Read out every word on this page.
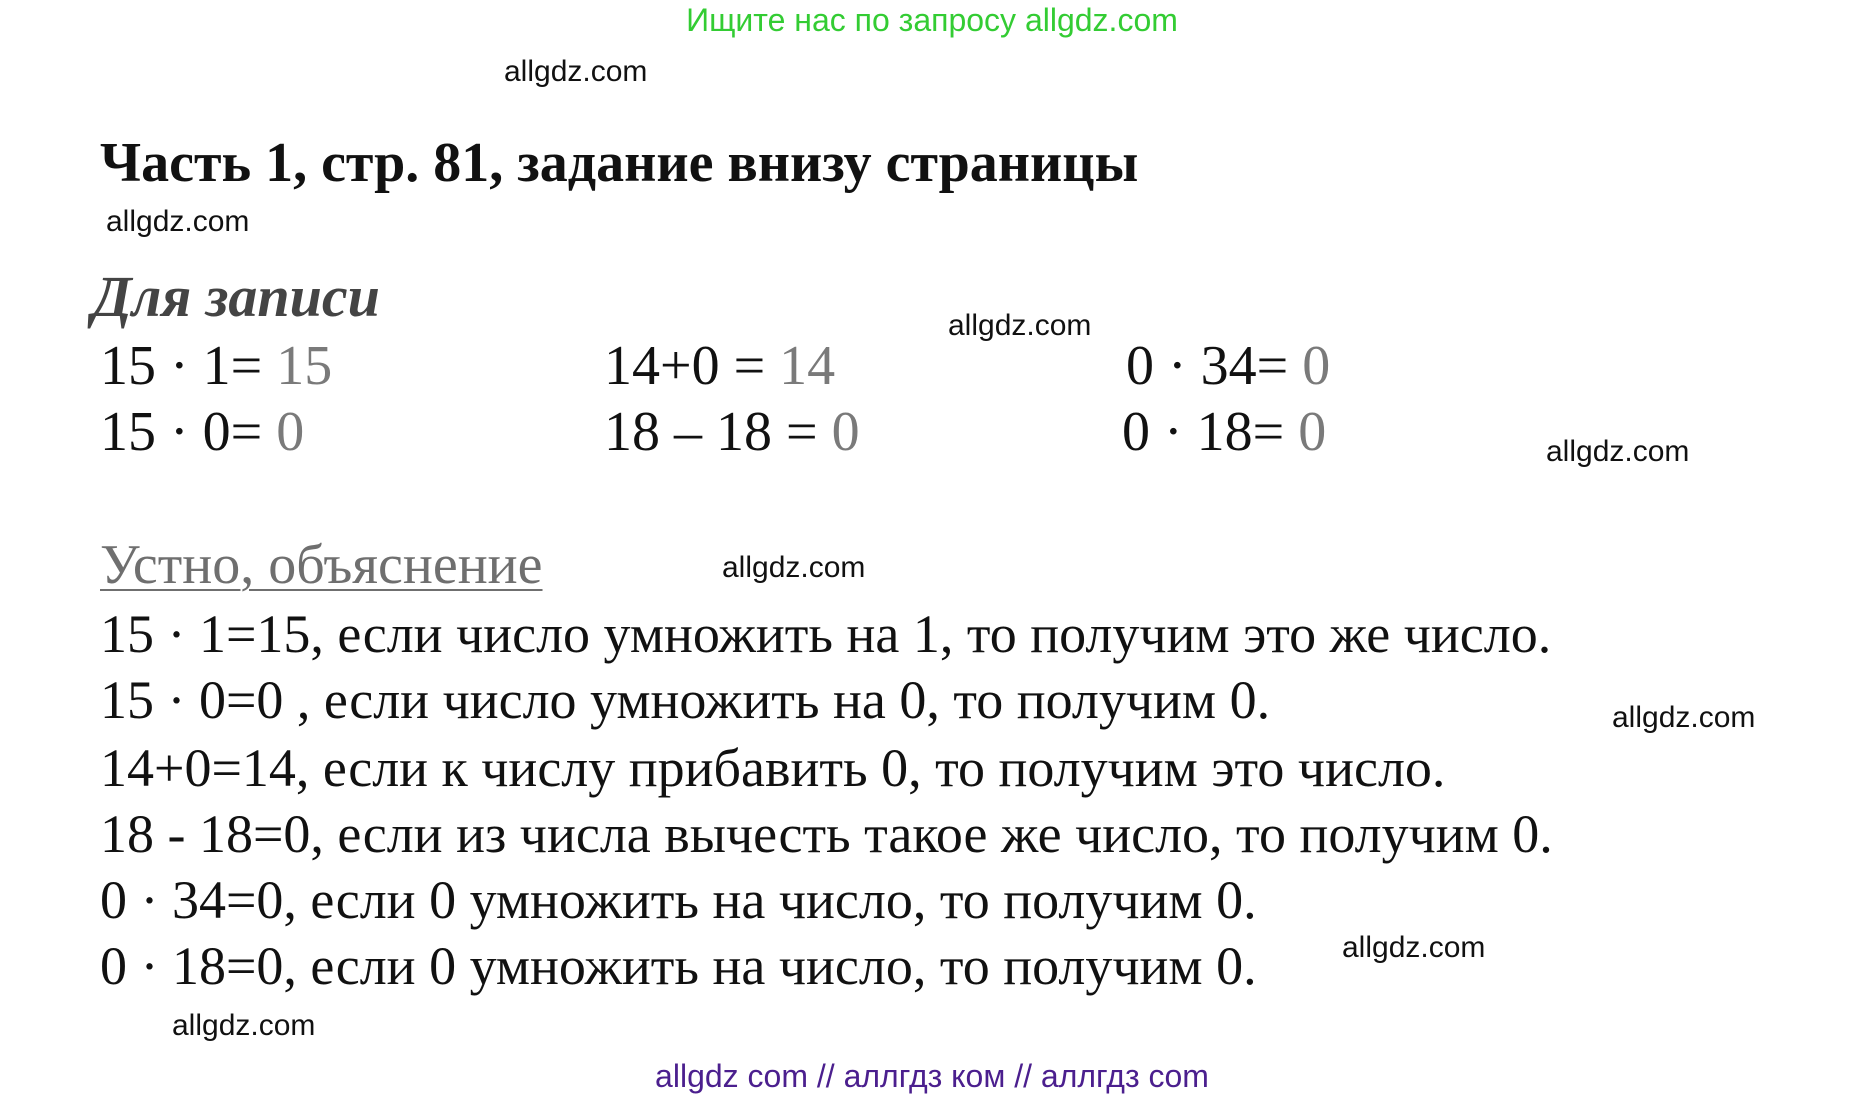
Ищите нас по запросу allgdz.com
allgdz.com
allgdz.com
allgdz.com
allgdz.com
allgdz.com
allgdz.com
allgdz.com
allgdz.com
Часть 1, стр. 81, задание внизу страницы
Для записи
15 · 1= 15
15 · 0= 0
14+0 = 14
18 – 18 = 0
0 · 34= 0
0 · 18= 0
Устно, объяснение
15 · 1=15, если число умножить на 1, то получим это же число.
15 · 0=0 , если число умножить на 0, то получим 0.
14+0=14, если к числу прибавить 0, то получим это число.
18 - 18=0, если из числа вычесть такое же число, то получим 0.
0 · 34=0, если 0 умножить на число, то получим 0.
0 · 18=0, если 0 умножить на число, то получим 0.
allgdz com // аллгдз ком // аллгдз com
